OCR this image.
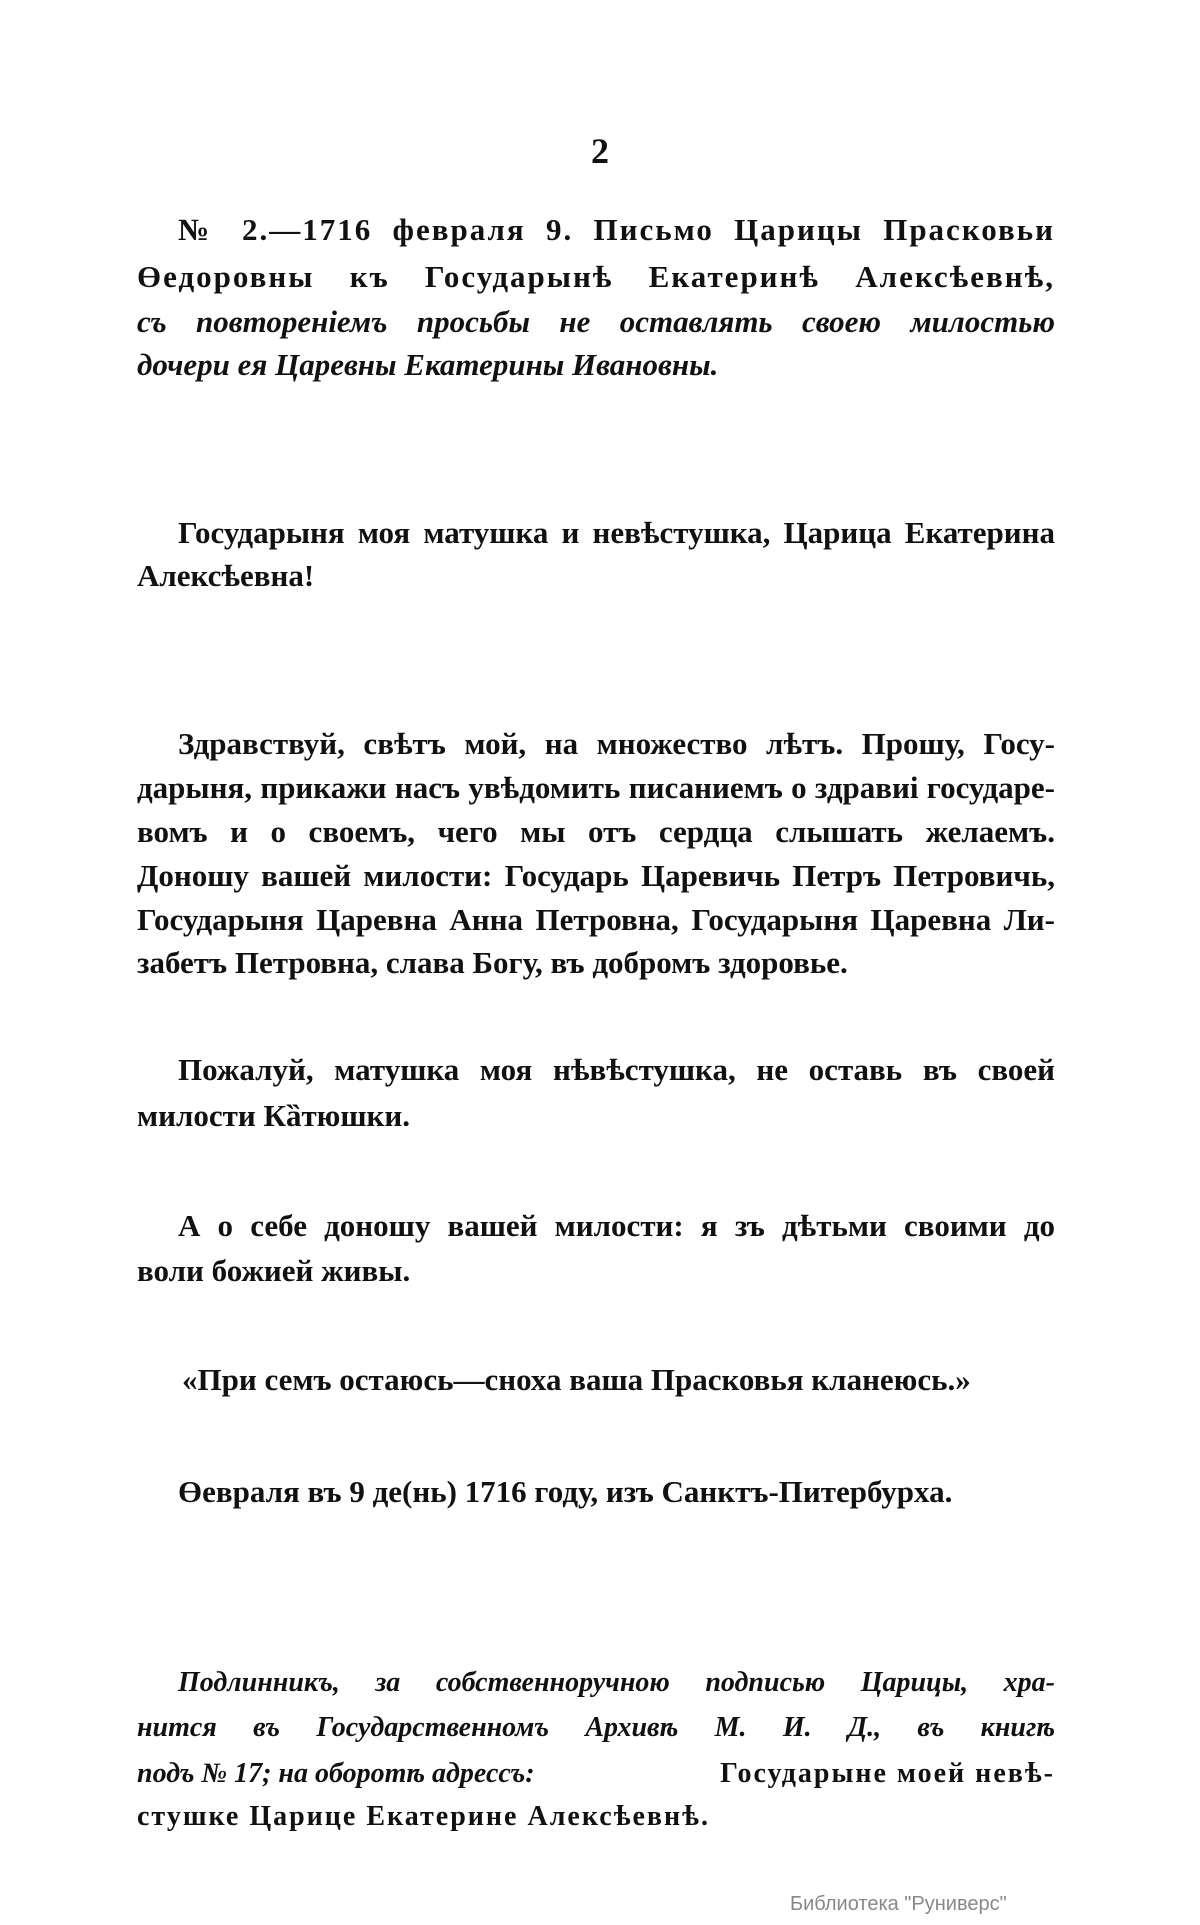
2
№ 2.—1716 февраля 9. Письмо Царицы Прасковьи
Өедоровны къ Государынѣ Екатеринѣ Алексѣевнѣ,
съ повтореніемъ просьбы не оставлять своею милостью
дочери ея Царевны Екатерины Ивановны.
Государыня моя матушка и невѣстушка, Царица Екатерина
Алексѣевна!
Здравствуй, свѣтъ мой, на множество лѣтъ. Прошу, Госу-
дарыня, прикажи насъ увѣдомить писаниемъ о здравиі государе-
вомъ и о своемъ, чего мы отъ сердца слышать желаемъ.
Доношу вашей милости: Государь Царевичь Петръ Петровичь,
Государыня Царевна Анна Петровна, Государыня Царевна Ли-
забетъ Петровна, слава Богу, въ добромъ здоровье.
Пожалуй, матушка моя нѣвѣстушка, не оставь въ своей
милости Кȁтюшки.
А о себе доношу вашей милости: я зъ дѣтьми своими до
воли божией живы.
«При семъ остаюсь—сноха ваша Прасковья кланеюсь.»
Өевраля въ 9 де(нь) 1716 году, изъ Санктъ-Питербурха.
Подлинникъ, за собственноручною подписью Царицы, хра-
нится въ Государственномъ Архивѣ М. И. Д., въ книгѣ
подъ № 17; на оборотѣ адрессъ:	Государыне моей невѣ-
стушке Царице Екатерине Алексѣевнѣ.
Библиотека "Руниверс"
